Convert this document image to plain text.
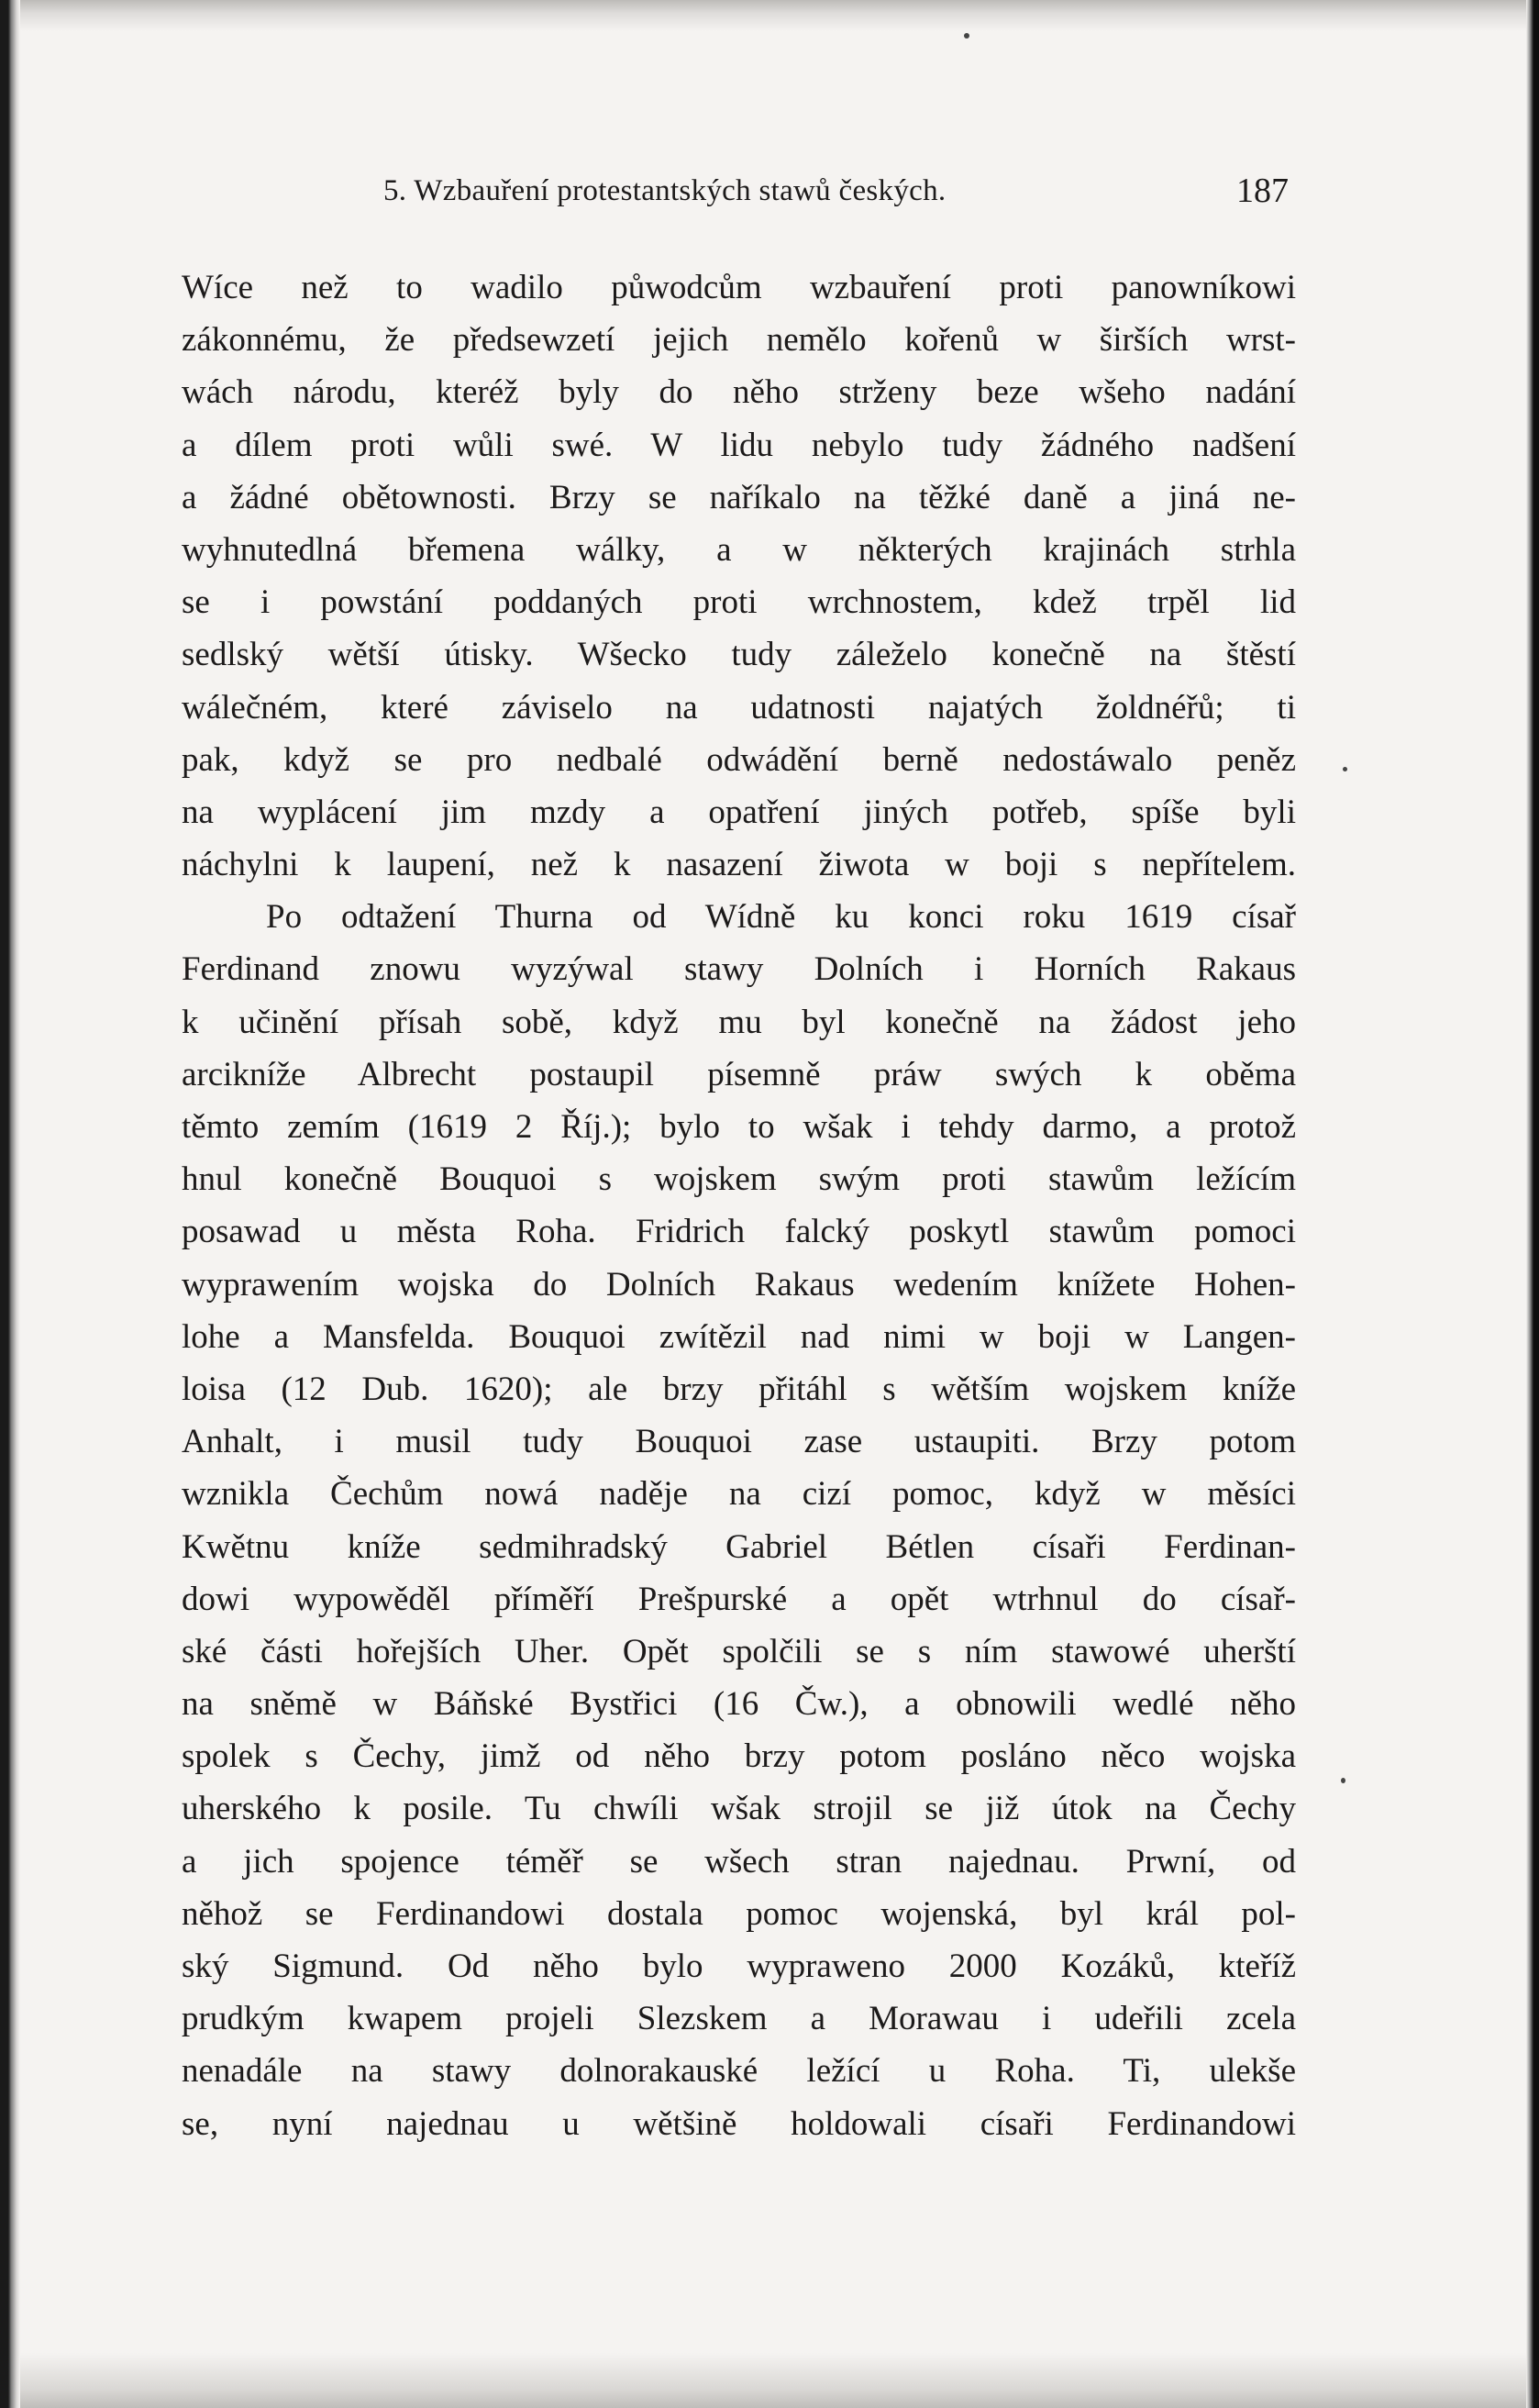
5. Wzbauření protestantských stawů českých.	187
Wíce než to wadilo půwodcům wzbauření proti panowníkowi
zákonnému, že předsewzetí jejich nemělo kořenů w širších wrst-
wách národu, kteréž byly do něho strženy beze wšeho nadání
a dílem proti wůli swé. W lidu nebylo tudy žádného nadšení
a žádné obětownosti. Brzy se naříkalo na těžké daně a jiná ne-
wyhnutedlná břemena wálky, a w některých krajinách strhla
se i powstání poddaných proti wrchnostem, kdež trpěl lid
sedlský wětší útisky. Wšecko tudy záleželo konečně na štěstí
wálečném, které záviselo na udatnosti najatých žoldnéřů; ti
pak, když se pro nedbalé odwádění berně nedostáwalo peněz
na wyplácení jim mzdy a opatření jiných potřeb, spíše byli
náchylni k laupení, než k nasazení žiwota w boji s nepřítelem.
Po odtažení Thurna od Wídně ku konci roku 1619 císař
Ferdinand znowu wyzýwal stawy Dolních i Horních Rakaus
k učinění přísah sobě, když mu byl konečně na žádost jeho
arcikníže Albrecht postaupil písemně práw swých k oběma
těmto zemím (1619 2 Říj.); bylo to wšak i tehdy darmo, a protož
hnul konečně Bouquoi s wojskem swým proti stawům ležícím
posawad u města Roha. Fridrich falcký poskytl stawům pomoci
wyprawením wojska do Dolních Rakaus wedením knížete Hohen-
lohe a Mansfelda. Bouquoi zwítězil nad nimi w boji w Langen-
loisa (12 Dub. 1620); ale brzy přitáhl s wětším wojskem kníže
Anhalt, i musil tudy Bouquoi zase ustaupiti. Brzy potom
wznikla Čechům nowá naděje na cizí pomoc, když w měsíci
Kwětnu kníže sedmihradský Gabriel Bétlen císaři Ferdinan-
dowi wypowěděl příměří Prešpurské a opět wtrhnul do císař-
ské části hořejších Uher. Opět spolčili se s ním stawowé uherští
na sněmě w Báňské Bystřici (16 Čw.), a obnowili wedlé něho
spolek s Čechy, jimž od něho brzy potom posláno něco wojska
uherského k posile. Tu chwíli wšak strojil se již útok na Čechy
a jich spojence téměř se wšech stran najednau. Prwní, od
něhož se Ferdinandowi dostala pomoc wojenská, byl král pol-
ský Sigmund. Od něho bylo wypraweno 2000 Kozáků, kteříž
prudkým kwapem projeli Slezskem a Morawau i udeřili zcela
nenadále na stawy dolnorakauské ležící u Roha. Ti, ulekše
se, nyní najednau u wětšině holdowali císaři Ferdinandowi
